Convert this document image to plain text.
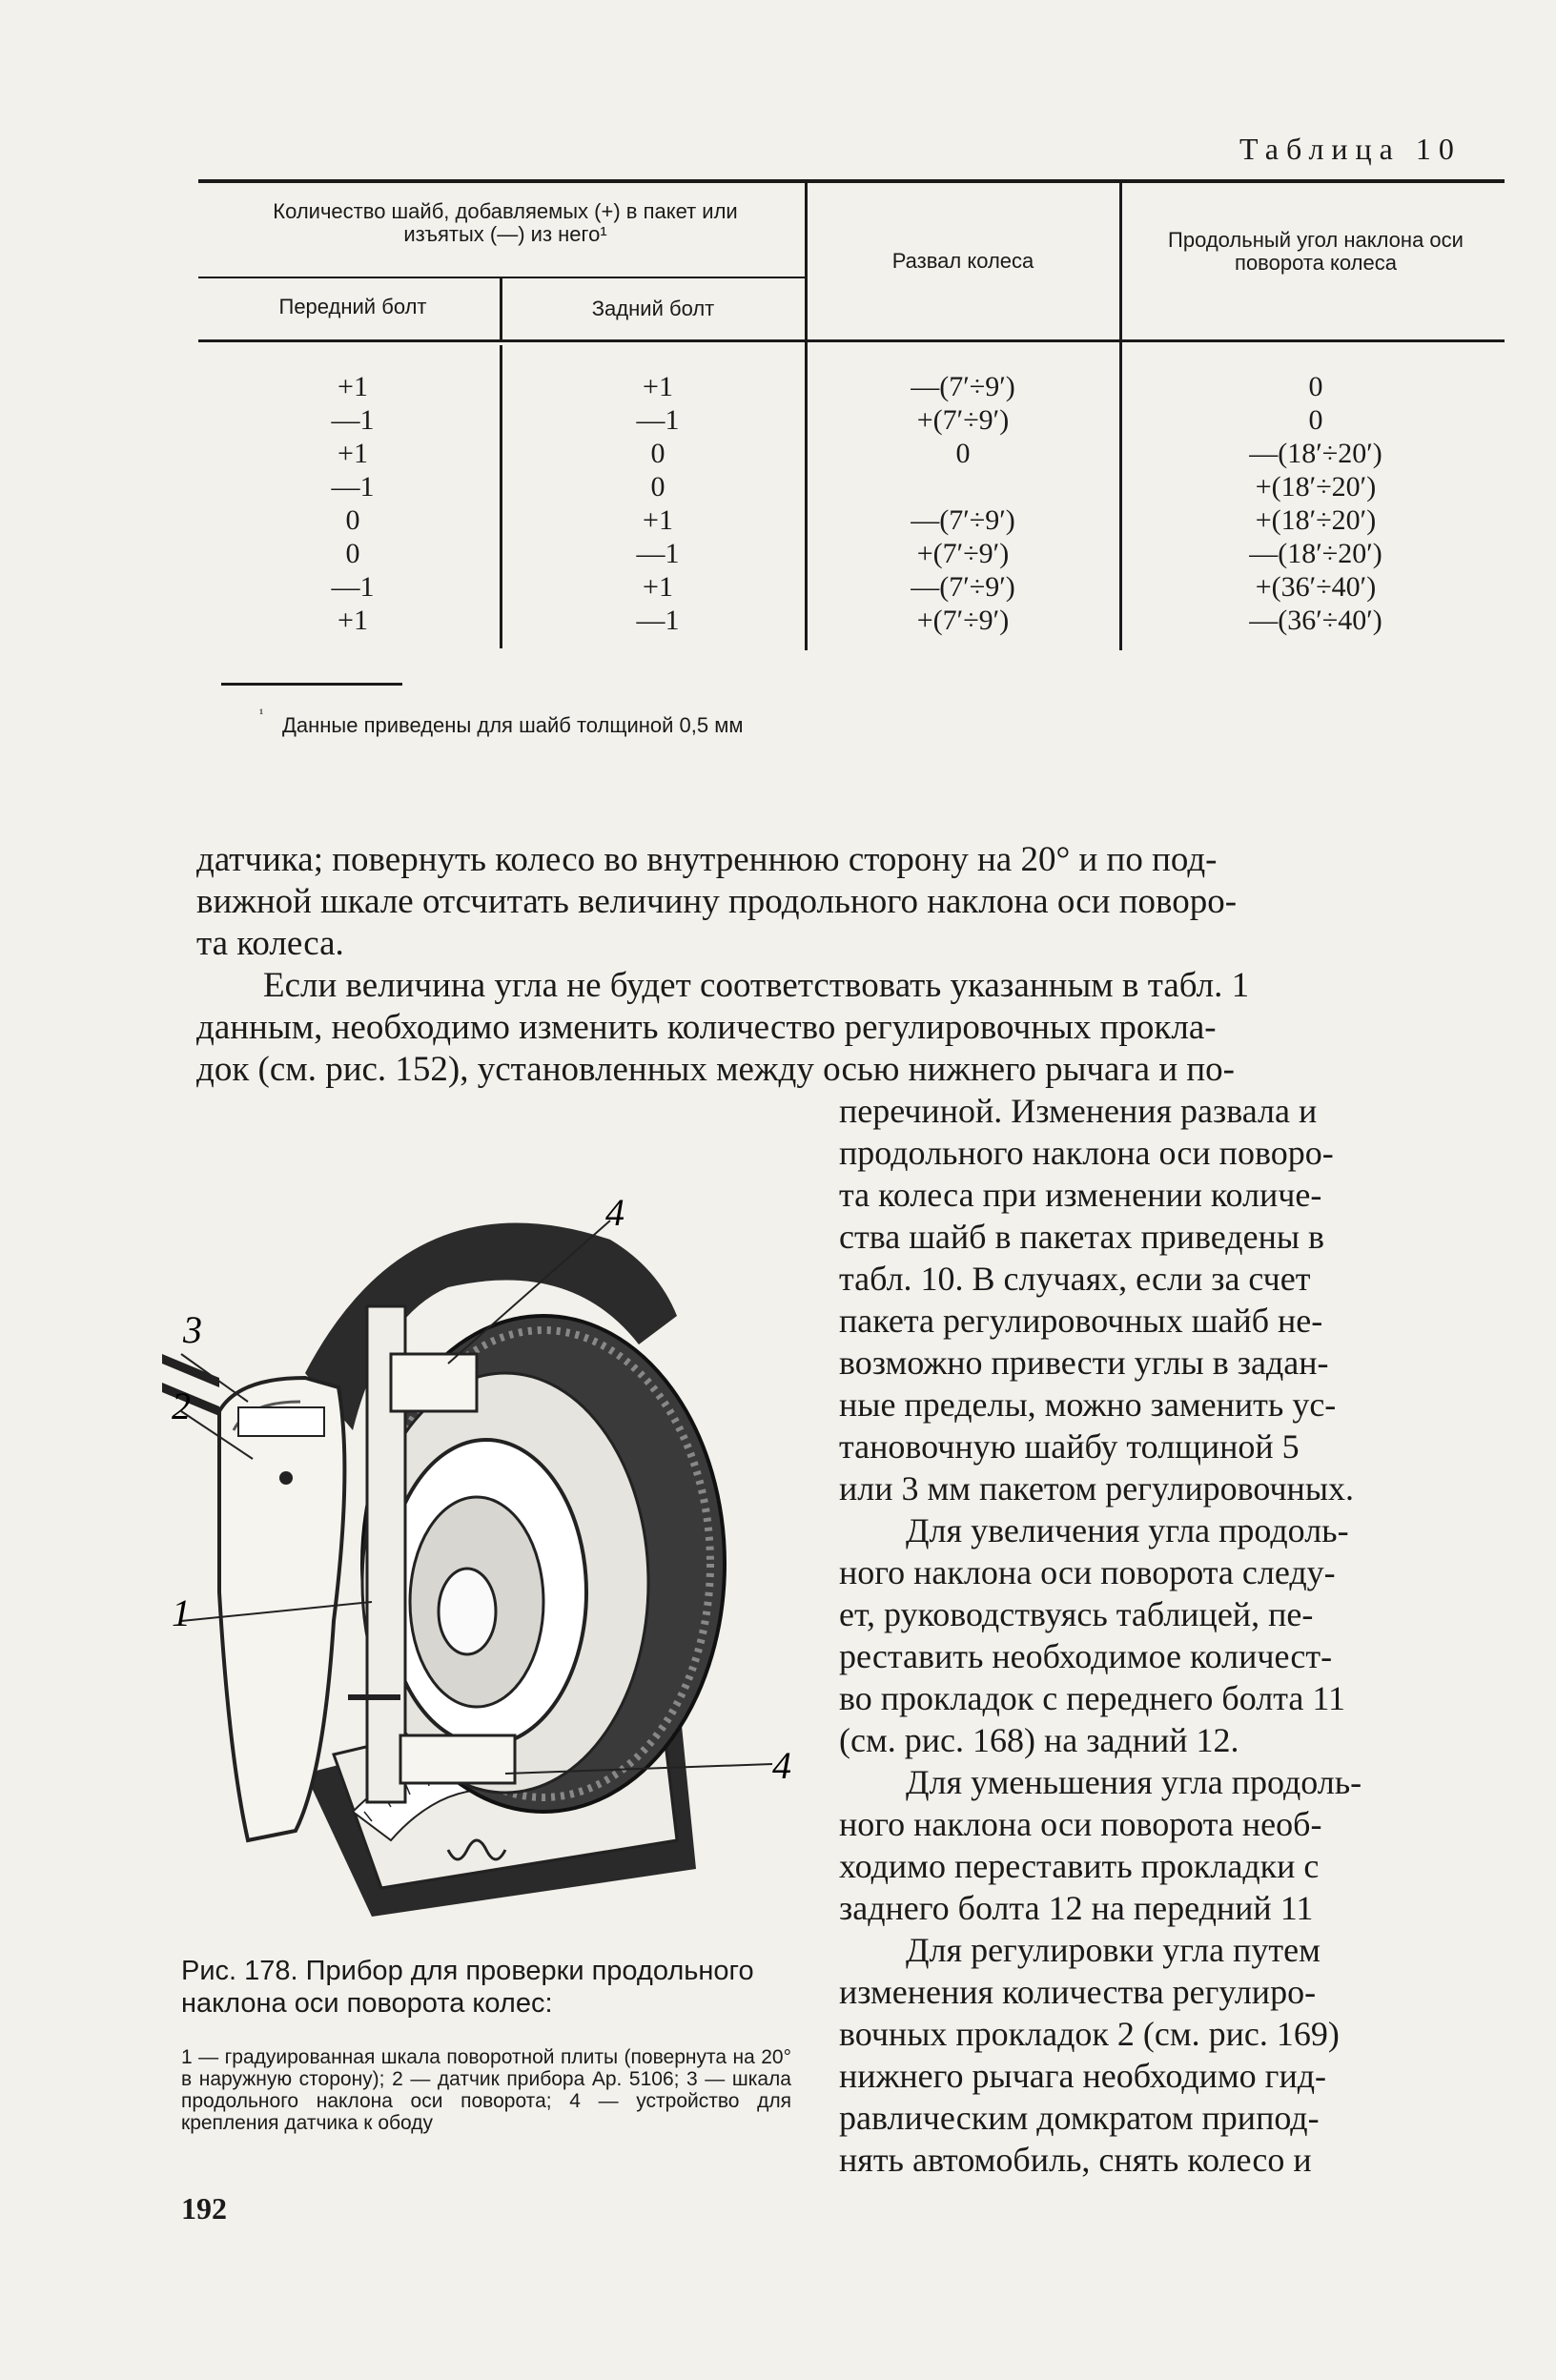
Таблица 10
Количество шайб, добавляемых (+) в пакет или изъятых (—) из него¹
Передний болт	Задний болт
Развал колеса
Продольный угол наклона оси поворота колеса
+1
—1
+1
—1
0
0
—1
+1
+1
—1
0
0
+1
—1
+1
—1
—(7′÷9′)
+(7′÷9′)
0
—(7′÷9′)
+(7′÷9′)
—(7′÷9′)
+(7′÷9′)
0
0
—(18′÷20′)
+(18′÷20′)
+(18′÷20′)
—(18′÷20′)
+(36′÷40′)
—(36′÷40′)
¹ Данные приведены для шайб толщиной 0,5 мм
датчика; повернуть колесо во внутреннюю сторону на 20° и по под-
вижной шкале отсчитать величину продольного наклона оси поворо-
та колеса.
Если величина угла не будет соответствовать указанным в табл. 1
данным, необходимо изменить количество регулировочных прокла-
док (см. рис. 152), установленных между осью нижнего рычага и по-
перечиной. Изменения развала и
продольного наклона оси поворо-
та колеса при изменении количе-
ства шайб в пакетах приведены в
табл. 10. В случаях, если за счет
пакета регулировочных шайб не-
возможно привести углы в задан-
ные пределы, можно заменить ус-
тановочную шайбу толщиной 5
или 3 мм пакетом регулировочных.
Для увеличения угла продоль-
ного наклона оси поворота следу-
ет, руководствуясь таблицей, пе-
реставить необходимое количест-
во прокладок с переднего болта 11
(см. рис. 168) на задний 12.
Для уменьшения угла продоль-
ного наклона оси поворота необ-
ходимо переставить прокладки с
заднего болта 12 на передний 11
Для регулировки угла путем
изменения количества регулиро-
вочных прокладок 2 (см. рис. 169)
нижнего рычага необходимо гид-
равлическим домкратом припод-
нять автомобиль, снять колесо и
1
2
3
4
4
Рис. 178. Прибор для проверки продольного наклона оси поворота колес:
1 — градуированная шкала поворотной плиты (повернута на 20° в наружную сторону); 2 — датчик прибора Ар. 5106; 3 — шкала продольного наклона оси поворота; 4 — устройство для крепления датчика к ободу
192
